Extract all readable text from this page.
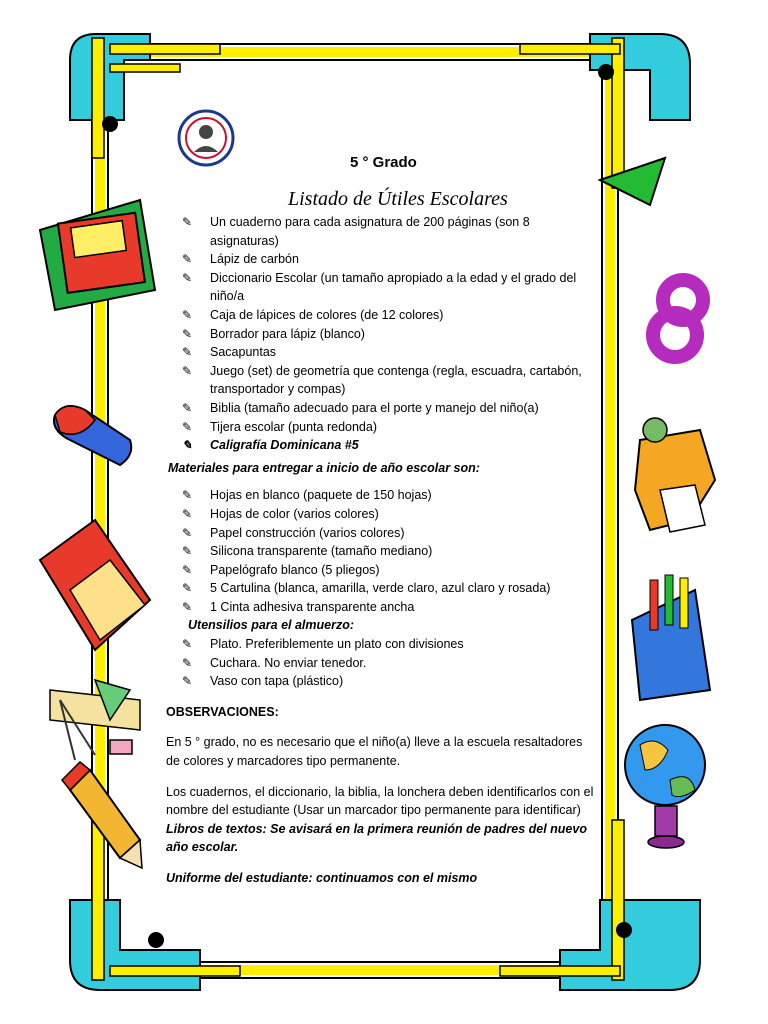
5 ° Grado
Listado de Útiles Escolares
✎ Un cuaderno para cada asignatura de 200 páginas (son 8 asignaturas)
✎ Lápiz de carbón
✎ Diccionario Escolar (un tamaño apropiado a la edad y el grado del niño/a
✎ Caja de lápices de colores (de 12 colores)
✎ Borrador para lápiz (blanco)
✎ Sacapuntas
✎ Juego (set) de geometría que contenga (regla, escuadra, cartabón, transportador y compas)
✎ Biblia (tamaño adecuado para el porte y manejo del niño(a)
✎ Tijera escolar (punta redonda)
✎ Caligrafía Dominicana #5

Materiales para entregar a inicio de año escolar son:

✎ Hojas en blanco (paquete de 150 hojas)
✎ Hojas de color (varios colores)
✎ Papel construcción (varios colores)
✎ Silicona transparente (tamaño mediano)
✎ Papelógrafo blanco (5 pliegos)
✎ 5 Cartulina (blanca, amarilla, verde claro, azul claro y rosada)
✎ 1 Cinta adhesiva transparente ancha

Utensilios para el almuerzo:

✎ Plato. Preferiblemente un plato con divisiones
✎ Cuchara. No enviar tenedor.
✎ Vaso con tapa (plástico)

OBSERVACIONES:

En 5 ° grado, no es necesario que el niño(a) lleve a la escuela resaltadores de colores y marcadores tipo permanente.

Los cuadernos, el diccionario, la biblia, la lonchera deben identificarlos con el nombre del estudiante (Usar un marcador tipo permanente para identificar) Libros de textos: Se avisará en la primera reunión de padres del nuevo año escolar.

Uniforme del estudiante: continuamos con el mismo
